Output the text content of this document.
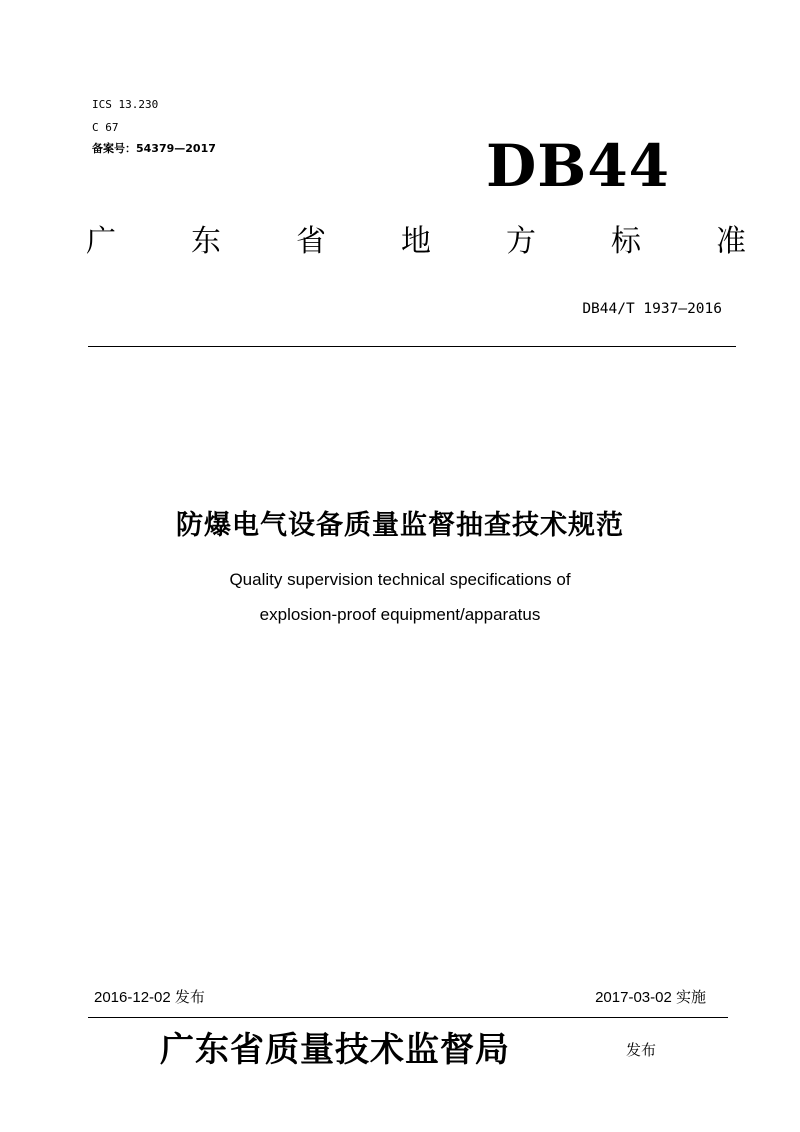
ICS 13.230
C 67
备案号：54379—2017	DB44
广	东	省	地	方	标	准
DB44/T 1937—2016
防爆电气设备质量监督抽查技术规范
Quality supervision technical specifications of
explosion-proof equipment/apparatus
2016-12-02 发布	2017-03-02 实施
广东省质量技术监督局	发布
